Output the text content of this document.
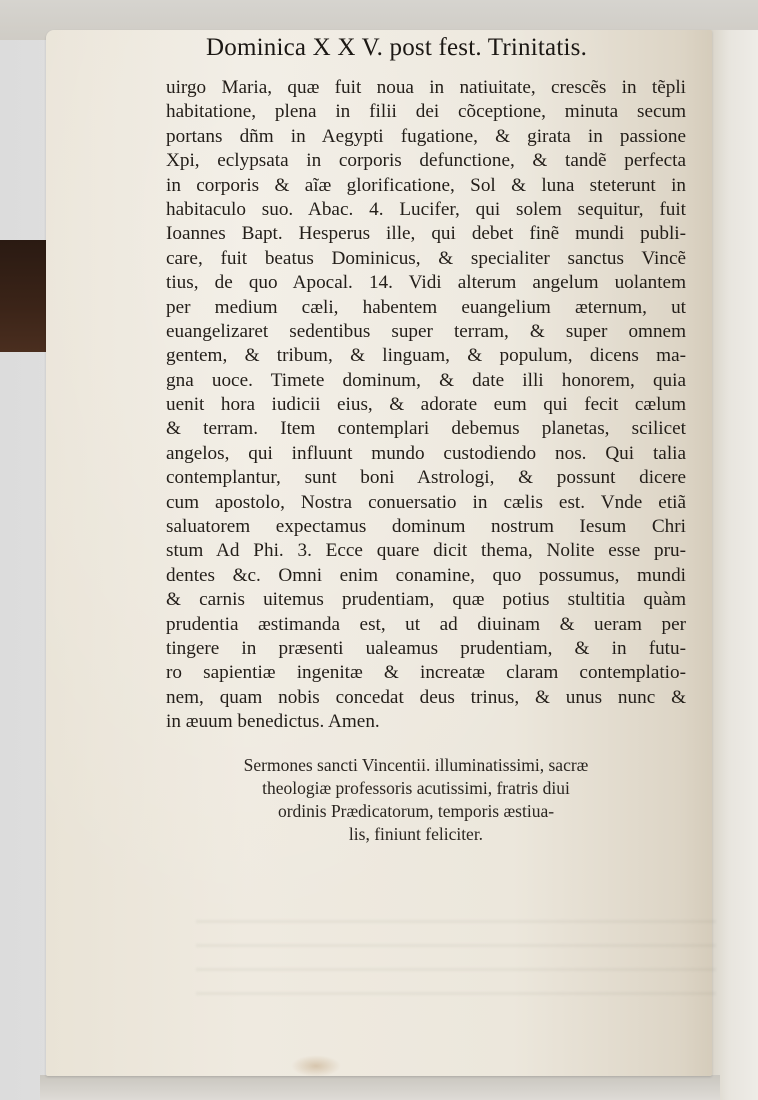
Dominica X X V. post fest. Trinitatis.
uirgo Maria, quæ fuit noua in natiuitate, crescẽs in tẽpli
habitatione, plena in filii dei cõceptione, minuta secum
portans dñm in Aegypti fugatione, & girata in passione
Xpi, eclypsata in corporis defunctione, & tandẽ perfecta
in corporis & aĩæ glorificatione, Sol & luna steterunt in
habitaculo suo. Abac. 4. Lucifer, qui solem sequitur, fuit
Ioannes Bapt. Hesperus ille, qui debet finẽ mundi publi-
care, fuit beatus Dominicus, & specialiter sanctus Vincẽ
tius, de quo Apocal. 14. Vidi alterum angelum uolantem
per medium cæli, habentem euangelium æternum, ut
euangelizaret sedentibus super terram, & super omnem
gentem, & tribum, & linguam, & populum, dicens ma-
gna uoce. Timete dominum, & date illi honorem, quia
uenit hora iudicii eius, & adorate eum qui fecit cælum
& terram. Item contemplari debemus planetas, scilicet
angelos, qui influunt mundo custodiendo nos. Qui talia
contemplantur, sunt boni Astrologi, & possunt dicere
cum apostolo, Nostra conuersatio in cælis est. Vnde etiã
saluatorem expectamus dominum nostrum Iesum Chri
stum Ad Phi. 3. Ecce quare dicit thema, Nolite esse pru-
dentes &c. Omni enim conamine, quo possumus, mundi
& carnis uitemus prudentiam, quæ potius stultitia quàm
prudentia æstimanda est, ut ad diuinam & ueram per
tingere in præsenti ualeamus prudentiam, & in futu-
ro sapientiæ ingenitæ & increatæ claram contemplatio-
nem, quam nobis concedat deus trinus, & unus nunc &
in æuum benedictus. Amen.
Sermones sancti Vincentii. illuminatissimi, sacræ
theologiæ professoris acutissimi, fratris diui
ordinis Prædicatorum, temporis æstiua-
lis, finiunt feliciter.
